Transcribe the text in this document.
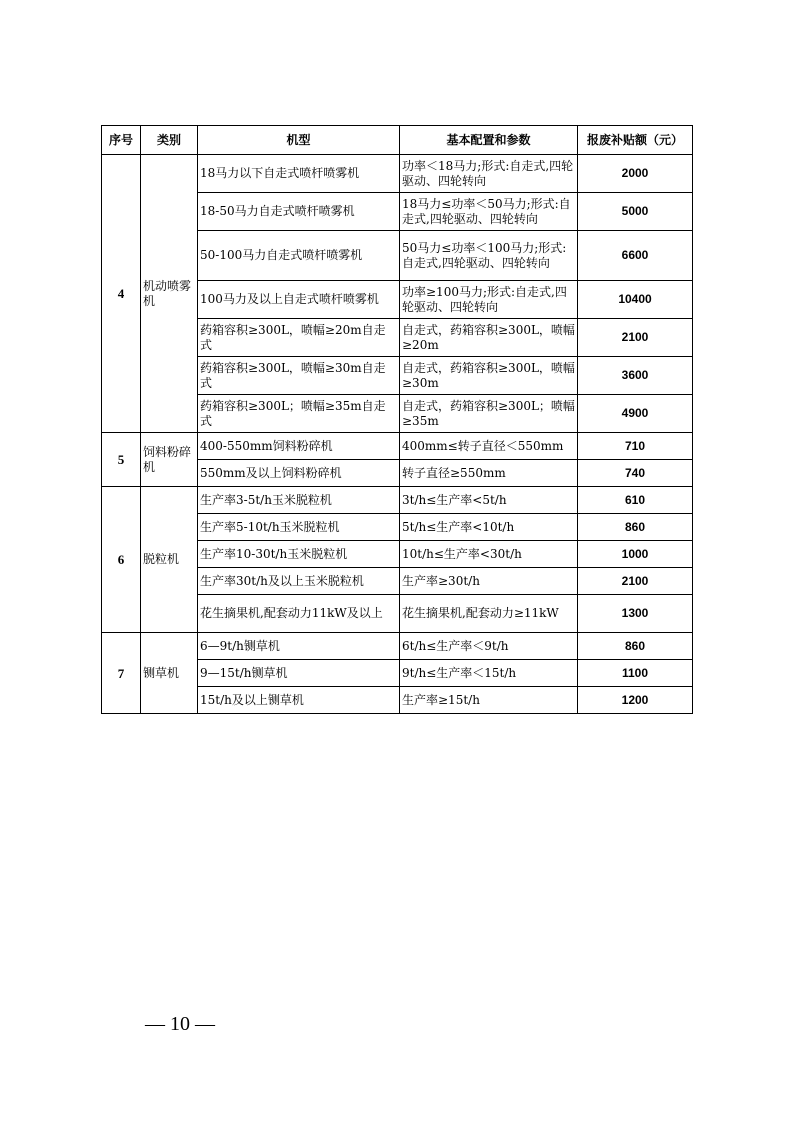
序号	类别	机型	基本配置和参数	报废补贴额（元）
4	机动喷雾机	18马力以下自走式喷杆喷雾机	功率＜18马力;形式:自走式,四轮驱动、四轮转向	2000
		18-50马力自走式喷杆喷雾机	18马力≤功率＜50马力;形式:自走式,四轮驱动、四轮转向	5000
		50-100马力自走式喷杆喷雾机	50马力≤功率＜100马力;形式:自走式,四轮驱动、四轮转向	6600
		100马力及以上自走式喷杆喷雾机	功率≥100马力;形式:自走式,四轮驱动、四轮转向	10400
		药箱容积≥300L，喷幅≥20m自走式	自走式，药箱容积≥300L，喷幅≥20m	2100
		药箱容积≥300L，喷幅≥30m自走式	自走式，药箱容积≥300L，喷幅≥30m	3600
		药箱容积≥300L；喷幅≥35m自走式	自走式，药箱容积≥300L；喷幅≥35m	4900
5	饲料粉碎机	400-550mm饲料粉碎机	400mm≤转子直径＜550mm	710
		550mm及以上饲料粉碎机	转子直径≥550mm	740
6	脱粒机	生产率3-5t/h玉米脱粒机	3t/h≤生产率<5t/h	610
		生产率5-10t/h玉米脱粒机	5t/h≤生产率<10t/h	860
		生产率10-30t/h玉米脱粒机	10t/h≤生产率<30t/h	1000
		生产率30t/h及以上玉米脱粒机	生产率≥30t/h	2100
		花生摘果机,配套动力11kW及以上	花生摘果机,配套动力≥11kW	1300
7	铡草机	6—9t/h铡草机	6t/h≤生产率＜9t/h	860
		9—15t/h铡草机	9t/h≤生产率＜15t/h	1100
		15t/h及以上铡草机	生产率≥15t/h	1200
— 10 —
